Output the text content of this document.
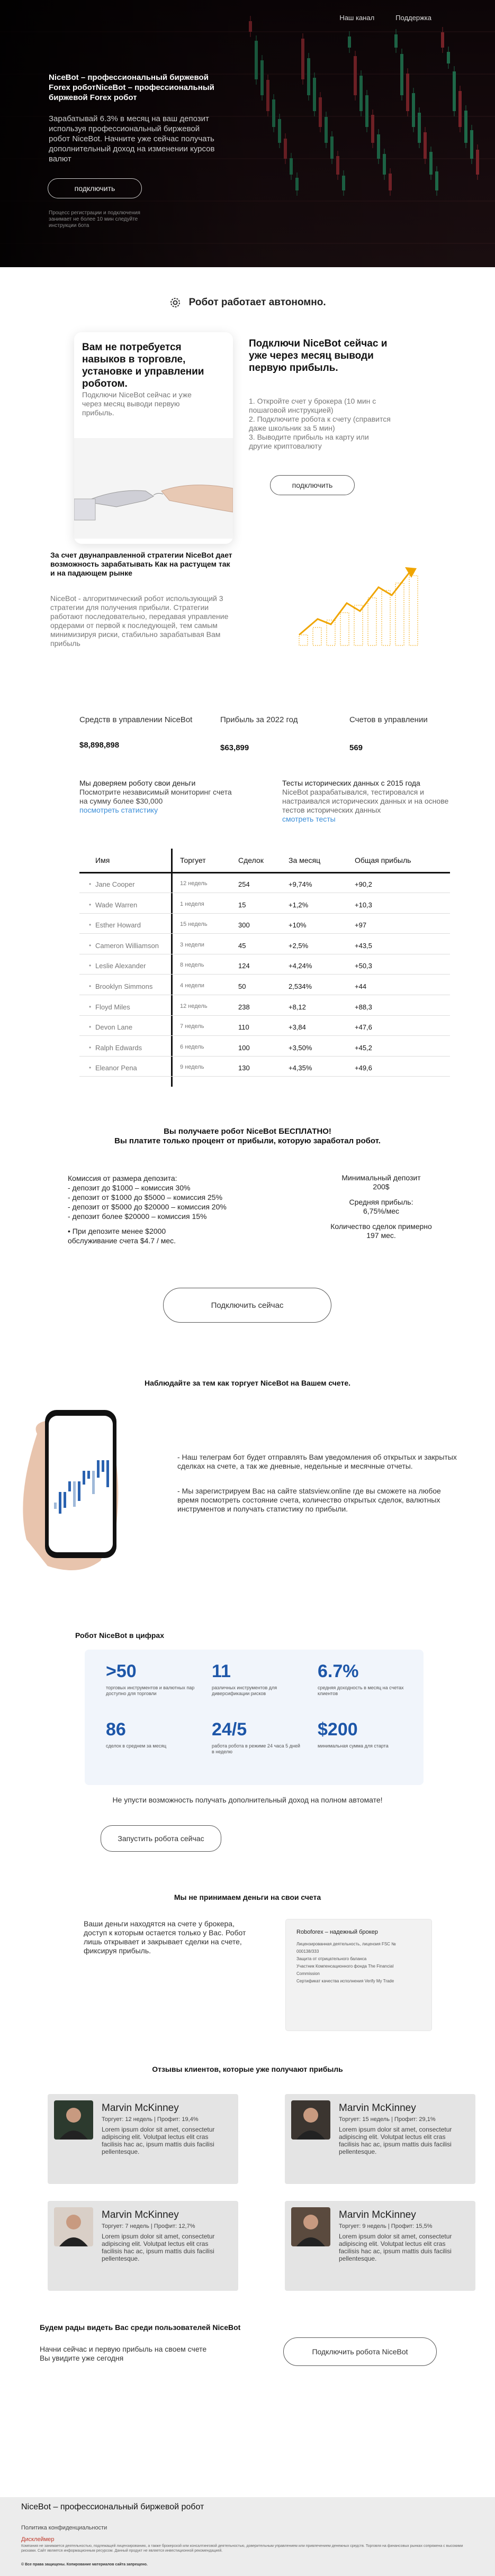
Наш канал	Поддержка
NiceBot – профессиональный биржевой Forex роботNiceBot – профессиональный биржевой Forex робот
Зарабатывай 6.3% в месяц на ваш депозит используя профессиональный биржевой робот NiceBot. Начните уже сейчас получать дополнительный доход на изменении курсов валют
подключить
Процесс регистрации и подключения занимает не более 10 мин следуйте инструкции бота
Робот работает автономно.
Вам не потребуется навыков в торговле, установке и управлении роботом.
Подключи NiceBot сейчас и уже через месяц выводи первую прибыль.
Подключи NiceBot сейчас и уже через месяц выводи первую прибыль.
1. Откройте счет у брокера (10 мин с пошаговой инструкцией)
2. Подключите робота к счету (справится даже школьник за 5 мин)
3. Выводите прибыль на карту или другие криптовалюту
подключить
За счет двунаправленной стратегии NiceBot дает возможность зарабатывать Как на растущем так и на падающем рынке
NiceBot - алгоритмический робот использующий 3 стратегии для получения прибыли. Стратегии работают последовательно, передавая управление ордерами от первой к последующей, тем самым минимизируя риски, стабильно зарабатывая Вам прибыль
Средств в управлении NiceBot
$8,898,898
Прибыль за 2022 год
$63,899
Счетов в управлении
569
Мы доверяем роботу свои деньги
Посмотрите независимый мониторинг счета на сумму более $30,000
посмотреть статистику
Тесты исторических данных с 2015 года
NiceBot разрабатывался, тестировался и настраивался исторических данных и на основе тестов исторических данных
смотреть тесты
Имя	Торгует	Сделок	За месяц	Общая прибыль
• Jane Cooper	12 недель	254	+9,74%	+90,2
• Wade Warren	1 неделя	15	+1,2%	+10,3
• Esther Howard	15 недель	300	+10%	+97
• Cameron Williamson	3 недели	45	+2,5%	+43,5
• Leslie Alexander	8 недель	124	+4,24%	+50,3
• Brooklyn Simmons	4 недели	50	2,534%	+44
• Floyd Miles	12 недель	238	+8,12	+88,3
• Devon Lane	7 недель	110	+3,84	+47,6
• Ralph Edwards	6 недель	100	+3,50%	+45,2
• Eleanor Pena	9 недель	130	+4,35%	+49,6
Вы получаете робот NiceBot БЕСПЛАТНО!
Вы платите только процент от прибыли, которую заработал робот.
Комиссия от размера депозита:
- депозит до $1000 – комиссия 30%
- депозит от $1000 до $5000 – комиссия 25%
- депозит от $5000 до $20000 – комиссия 20%
- депозит более $20000 – комиссия 15%
• При депозите менее $2000 обслуживание счета $4.7 / мес.
Минимальный депозит
200$
Средняя прибыль:
6,75%/мес
Количество сделок примерно
197 мес.
Подключить сейчас
Наблюдайте за тем как торгует NiceBot на Вашем счете.
- Наш телеграм бот будет отправлять Вам уведомления об открытых и закрытых сделках на счете, а так же дневные, недельные и месячные отчеты.
- Мы зарегистрируем Вас на сайте statsview.online где вы сможете на любое время посмотреть состояние счета, количество открытых сделок, валютных инструментов и получать статистику по прибыли.
Робот NiceBot в цифрах
>50
торговых инструментов и валютных пар доступно для торговли
11
различных инструментов для диверсификации рисков
6.7%
средняя доходность в месяц на счетах клиентов
86
сделок в среднем за месяц
24/5
работа робота в режиме 24 часа 5 дней в неделю
$200
минимальная сумма для старта
Не упусти возможность получать дополнительный доход на полном автомате!
Запустить робота сейчас
Мы не принимаем деньги на свои счета
Ваши деньги находятся на счете у брокера, доступ к которым остается только у Вас. Робот лишь открывает и закрывает сделки на счете, фиксируя прибыль.
Roboforex – надежный брокер
Лицензированная деятельность, лицензия FSC № 000138/333
Защита от отрицательного баланса
Участник Компенсационного фонда The Financial Commission
Сертификат качества исполнения Verify My Trade
Отзывы клиентов, которые уже получают прибыль
Marvin McKinney
Торгует: 12 недель | Профит: 19,4%
Lorem ipsum dolor sit amet, consectetur adipiscing elit. Volutpat lectus elit cras facilisis hac ac, ipsum mattis duis facilisi pellentesque.
Marvin McKinney
Торгует: 15 недель | Профит: 29,1%
Lorem ipsum dolor sit amet, consectetur adipiscing elit. Volutpat lectus elit cras facilisis hac ac, ipsum mattis duis facilisi pellentesque.
Marvin McKinney
Торгует: 7 недель | Профит: 12,7%
Lorem ipsum dolor sit amet, consectetur adipiscing elit. Volutpat lectus elit cras facilisis hac ac, ipsum mattis duis facilisi pellentesque.
Marvin McKinney
Торгует: 9 недель | Профит: 15,5%
Lorem ipsum dolor sit amet, consectetur adipiscing elit. Volutpat lectus elit cras facilisis hac ac, ipsum mattis duis facilisi pellentesque.
Будем рады видеть Вас среди пользователей NiceBot
Начни сейчас и первую прибыль на своем счете Вы увидите уже сегодня
Подключить робота NiceBot
NiceBot – профессиональный биржевой робот
Политика конфиденциальности
Дисклеймер
Компания не занимается деятельностью, подлежащей лицензированию, а также брокерской или консалтинговой деятельностью, доверительным управлением или привлечением денежных средств. Торговля на финансовых рынках сопряжена с высокими рисками. Сайт является информационным ресурсом. Данный продукт не является инвестиционной рекомендацией.
© Все права защищены. Копирование материалов сайта запрещено.
